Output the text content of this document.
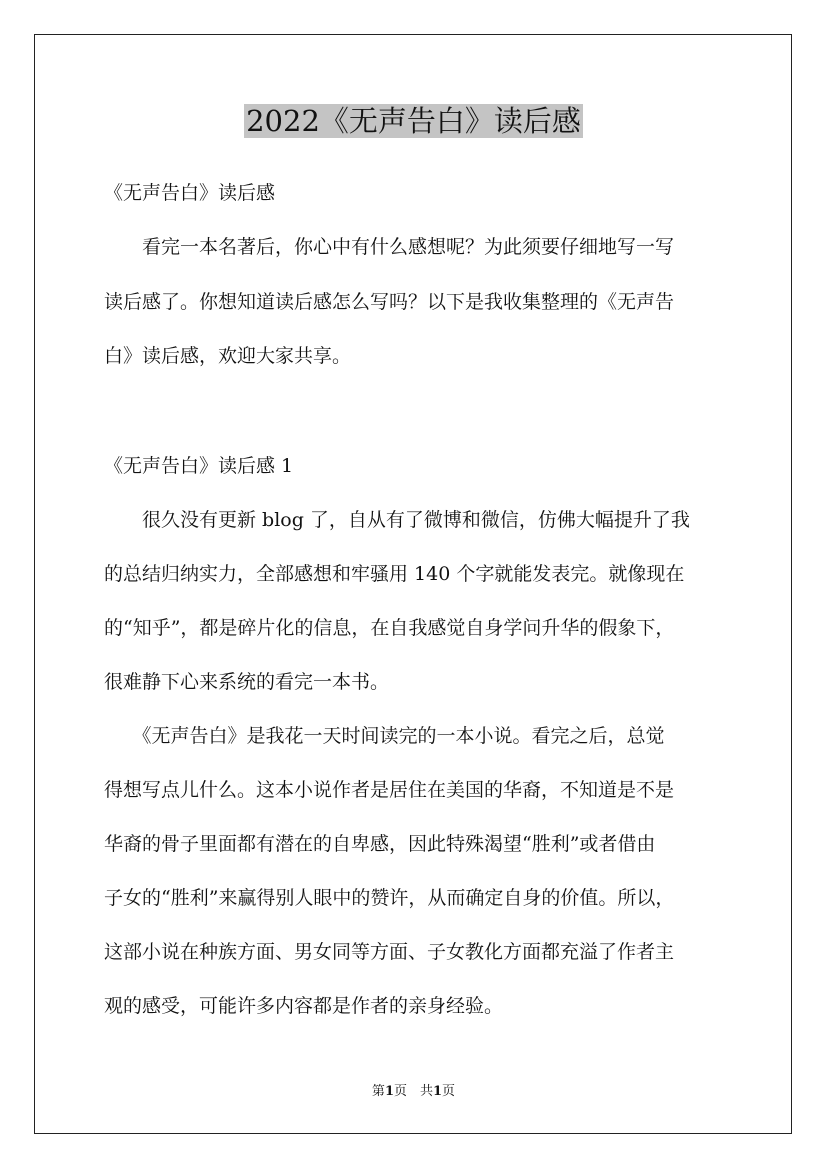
2022《无声告白》读后感
《无声告白》读后感
　　看完一本名著后，你心中有什么感想呢？为此须要仔细地写一写
读后感了。你想知道读后感怎么写吗？以下是我收集整理的《无声告
白》读后感，欢迎大家共享。
《无声告白》读后感 1
　　很久没有更新 blog 了，自从有了微博和微信，仿佛大幅提升了我
的总结归纳实力，全部感想和牢骚用 140 个字就能发表完。就像现在
的“知乎”，都是碎片化的信息，在自我感觉自身学问升华的假象下，
很难静下心来系统的看完一本书。
　　《无声告白》是我花一天时间读完的一本小说。看完之后，总觉
得想写点儿什么。这本小说作者是居住在美国的华裔，不知道是不是
华裔的骨子里面都有潜在的自卑感，因此特殊渴望“胜利”或者借由
子女的“胜利”来赢得别人眼中的赞许，从而确定自身的价值。所以，
这部小说在种族方面、男女同等方面、子女教化方面都充溢了作者主
观的感受，可能许多内容都是作者的亲身经验。
第1页　共1页
